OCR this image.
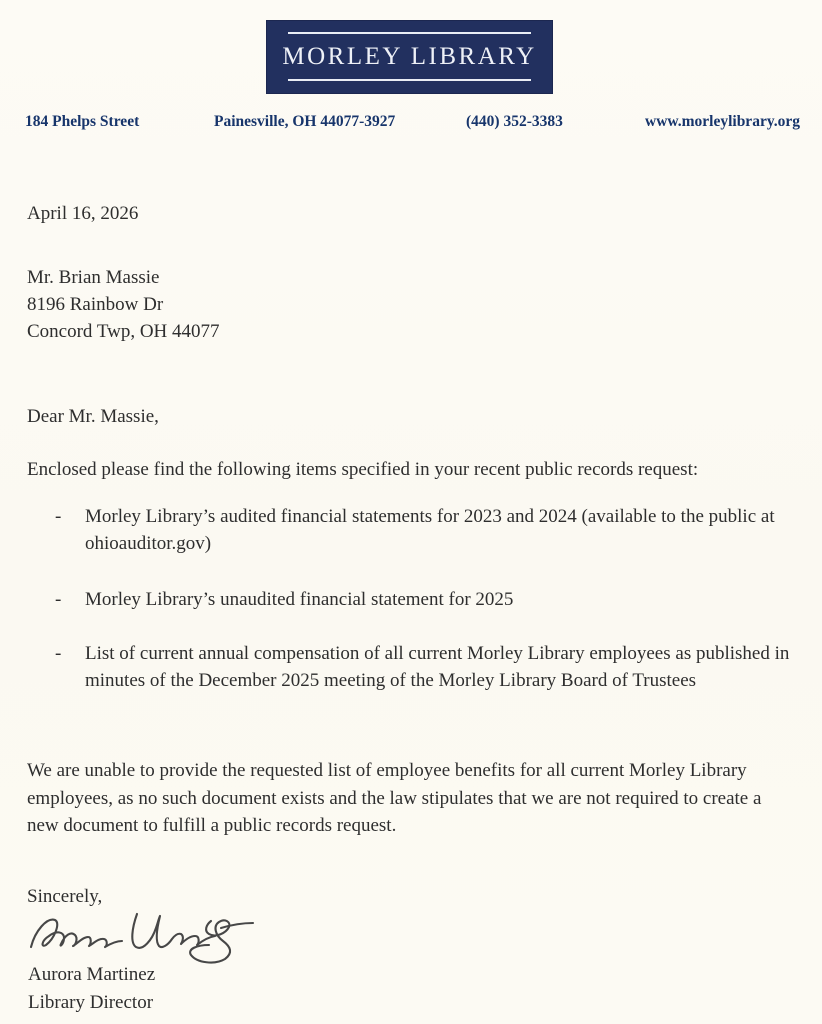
MORLEY LIBRARY
184 Phelps Street	Painesville, OH 44077-3927	(440) 352-3383	www.morleylibrary.org
April 16, 2026
Mr. Brian Massie
8196 Rainbow Dr
Concord Twp, OH 44077
Dear Mr. Massie,
Enclosed please find the following items specified in your recent public records request:
- Morley Library’s audited financial statements for 2023 and 2024 (available to the public at ohioauditor.gov)
- Morley Library’s unaudited financial statement for 2025
- List of current annual compensation of all current Morley Library employees as published in minutes of the December 2025 meeting of the Morley Library Board of Trustees
We are unable to provide the requested list of employee benefits for all current Morley Library employees, as no such document exists and the law stipulates that we are not required to create a new document to fulfill a public records request.
Sincerely,
Aurora Martinez
Library Director
